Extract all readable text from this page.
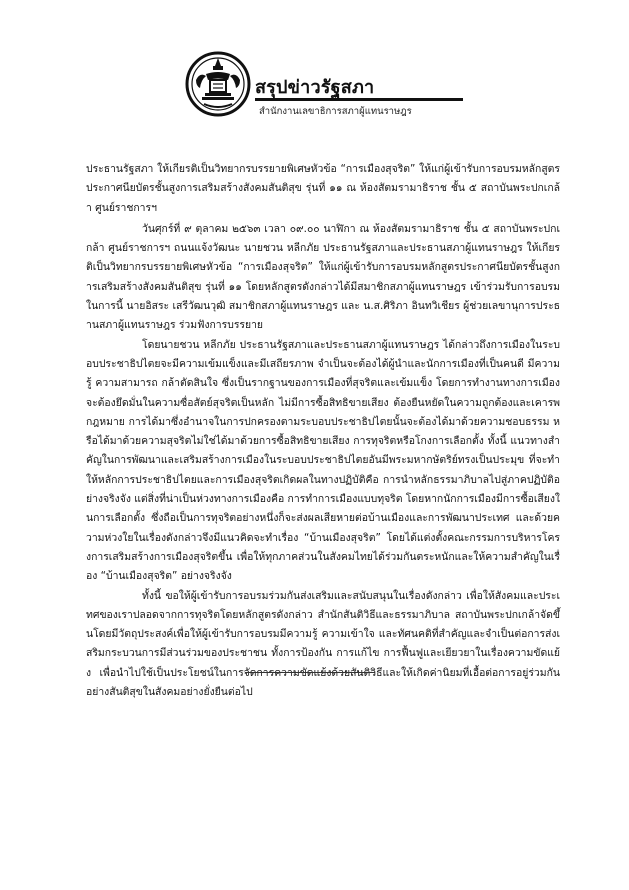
สรุปข่าวรัฐสภา
สำนักงานเลขาธิการสภาผู้แทนราษฎร

ประธานรัฐสภา ให้เกียรติเป็นวิทยากรบรรยายพิเศษหัวข้อ “การเมืองสุจริต” ให้แก่ผู้เข้ารับการอบรมหลักสูตรประกาศนียบัตรชั้นสูงการเสริมสร้างสังคมสันติสุข รุ่นที่ ๑๑ ณ ห้องสัตมรามาธิราช ชั้น ๕ สถาบันพระปกเกล้า ศูนย์ราชการฯ

วันศุกร์ที่ ๙ ตุลาคม ๒๕๖๓ เวลา ๐๙.๐๐ นาฬิกา ณ ห้องสัตมรามาธิราช ชั้น ๕ สถาบันพระปกเกล้า ศูนย์ราชการฯ ถนนแจ้งวัฒนะ นายชวน หลีกภัย ประธานรัฐสภาและประธานสภาผู้แทนราษฎร ให้เกียรติเป็นวิทยากรบรรยายพิเศษหัวข้อ “การเมืองสุจริต” ให้แก่ผู้เข้ารับการอบรมหลักสูตรประกาศนียบัตรชั้นสูงการเสริมสร้างสังคมสันติสุข รุ่นที่ ๑๑ โดยหลักสูตรดังกล่าวได้มีสมาชิกสภาผู้แทนราษฎร เข้าร่วมรับการอบรม ในการนี้ นายอิสระ เสรีวัฒนวุฒิ สมาชิกสภาผู้แทนราษฎร และ น.ส.ศิริภา อินทวิเชียร ผู้ช่วยเลขานุการประธานสภาผู้แทนราษฎร ร่วมฟังการบรรยาย

โดยนายชวน หลีกภัย ประธานรัฐสภาและประธานสภาผู้แทนราษฎร ได้กล่าวถึงการเมืองในระบอบประชาธิปไตยจะมีความเข้มแข็งและมีเสถียรภาพ จำเป็นจะต้องได้ผู้นำและนักการเมืองที่เป็นคนดี มีความรู้ ความสามารถ กล้าตัดสินใจ ซึ่งเป็นรากฐานของการเมืองที่สุจริตและเข้มแข็ง โดยการทำงานทางการเมืองจะต้องยึดมั่นในความซื่อสัตย์สุจริตเป็นหลัก ไม่มีการซื้อสิทธิขายเสียง ต้องยืนหยัดในความถูกต้องและเคารพกฎหมาย การได้มาซึ่งอำนาจในการปกครองตามระบอบประชาธิปไตยนั้นจะต้องได้มาด้วยความชอบธรรม หรือได้มาด้วยความสุจริตไม่ใช่ได้มาด้วยการซื้อสิทธิขายเสียง การทุจริตหรือโกงการเลือกตั้ง ทั้งนี้ แนวทางสำคัญในการพัฒนาและเสริมสร้างการเมืองในระบอบประชาธิปไตยอันมีพระมหากษัตริย์ทรงเป็นประมุข ที่จะทำให้หลักการประชาธิปไตยและการเมืองสุจริตเกิดผลในทางปฏิบัติคือ การนำหลักธรรมาภิบาลไปสู่ภาคปฏิบัติอย่างจริงจัง แต่สิ่งที่น่าเป็นห่วงทางการเมืองคือ การทำการเมืองแบบทุจริต โดยหากนักการเมืองมีการซื้อเสียงในการเลือกตั้ง ซึ่งถือเป็นการทุจริตอย่างหนึ่งก็จะส่งผลเสียหายต่อบ้านเมืองและการพัฒนาประเทศ และด้วยความห่วงใยในเรื่องดังกล่าวจึงมีแนวคิดจะทำเรื่อง “บ้านเมืองสุจริต” โดยได้แต่งตั้งคณะกรรมการบริหารโครงการเสริมสร้างการเมืองสุจริตขึ้น เพื่อให้ทุกภาคส่วนในสังคมไทยได้ร่วมกันตระหนักและให้ความสำคัญในเรื่อง “บ้านเมืองสุจริต” อย่างจริงจัง

ทั้งนี้ ขอให้ผู้เข้ารับการอบรมร่วมกันส่งเสริมและสนับสนุนในเรื่องดังกล่าว เพื่อให้สังคมและประเทศของเราปลอดจากการทุจริตโดยหลักสูตรดังกล่าว สำนักสันติวิธีและธรรมาภิบาล สถาบันพระปกเกล้าจัดขึ้นโดยมีวัตถุประสงค์เพื่อให้ผู้เข้ารับการอบรมมีความรู้ ความเข้าใจ และทัศนคติที่สำคัญและจำเป็นต่อการส่งเสริมกระบวนการมีส่วนร่วมของประชาชน ทั้งการป้องกัน การแก้ไข การฟื้นฟูและเยียวยาในเรื่องความขัดแย้ง เพื่อนำไปใช้เป็นประโยชน์ในการจัดการความขัดแย้งด้วยสันติวิธีและให้เกิดค่านิยมที่เอื้อต่อการอยู่ร่วมกันอย่างสันติสุขในสังคมอย่างยั่งยืนต่อไป
